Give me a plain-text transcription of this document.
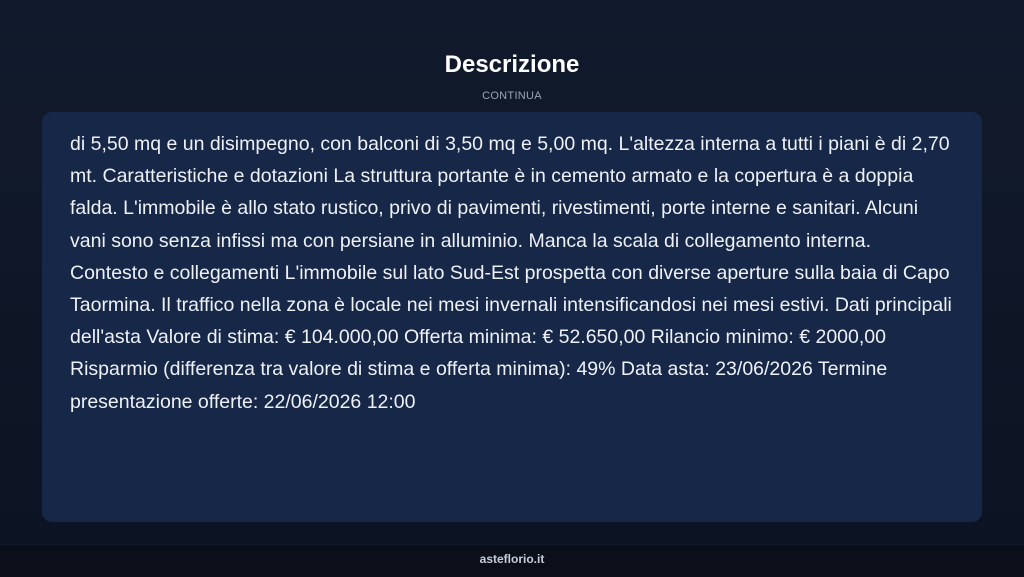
Descrizione
CONTINUA

di 5,50 mq e un disimpegno, con balconi di 3,50 mq e 5,00 mq. L'altezza interna a tutti i piani è di 2,70 mt. Caratteristiche e dotazioni La struttura portante è in cemento armato e la copertura è a doppia falda. L'immobile è allo stato rustico, privo di pavimenti, rivestimenti, porte interne e sanitari. Alcuni vani sono senza infissi ma con persiane in alluminio. Manca la scala di collegamento interna. Contesto e collegamenti L'immobile sul lato Sud-Est prospetta con diverse aperture sulla baia di Capo Taormina. Il traffico nella zona è locale nei mesi invernali intensificandosi nei mesi estivi. Dati principali dell'asta Valore di stima: € 104.000,00 Offerta minima: € 52.650,00 Rilancio minimo: € 2000,00 Risparmio (differenza tra valore di stima e offerta minima): 49% Data asta: 23/06/2026 Termine presentazione offerte: 22/06/2026 12:00

asteflorio.it
